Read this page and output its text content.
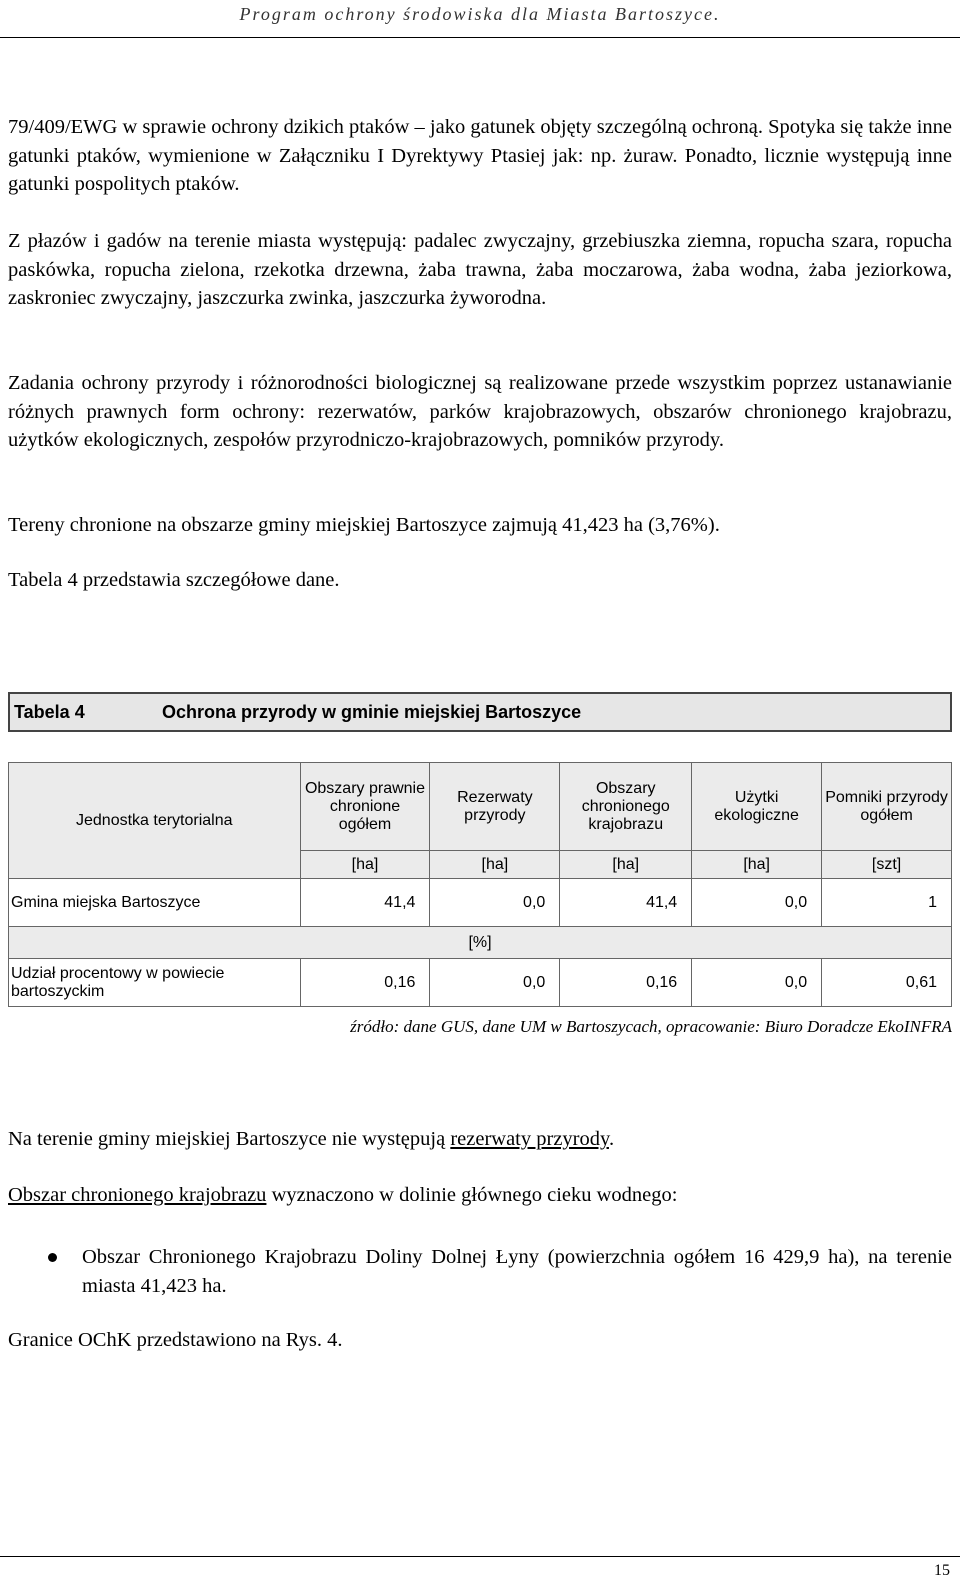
Program ochrony środowiska dla Miasta Bartoszyce.

79/409/EWG w sprawie ochrony dzikich ptaków – jako gatunek objęty szczególną ochroną. Spotyka się także inne gatunki ptaków, wymienione w Załączniku I Dyrektywy Ptasiej jak: np. żuraw. Ponadto, licznie występują inne gatunki pospolitych ptaków.

Z płazów i gadów na terenie miasta występują: padalec zwyczajny, grzebiuszka ziemna, ropucha szara, ropucha paskówka, ropucha zielona, rzekotka drzewna, żaba trawna, żaba moczarowa, żaba wodna, żaba jeziorkowa, zaskroniec zwyczajny, jaszczurka zwinka, jaszczurka żyworodna.

Zadania ochrony przyrody i różnorodności biologicznej są realizowane przede wszystkim poprzez ustanawianie różnych prawnych form ochrony: rezerwatów, parków krajobrazowych, obszarów chronionego krajobrazu, użytków ekologicznych, zespołów przyrodniczo-krajobrazowych, pomników przyrody.

Tereny chronione na obszarze gminy miejskiej Bartoszyce zajmują 41,423 ha (3,76%).

Tabela 4 przedstawia szczegółowe dane.

Tabela 4	Ochrona przyrody w gminie miejskiej Bartoszyce
Jednostka terytorialna	Obszary prawnie chronione ogółem	Rezerwaty przyrody	Obszary chronionego krajobrazu	Użytki ekologiczne	Pomniki przyrody ogółem
	[ha]	[ha]	[ha]	[ha]	[szt]
Gmina miejska Bartoszyce	41,4	0,0	41,4	0,0	1
[%]					
Udział procentowy w powiecie bartoszyckim	0,16	0,0	0,16	0,0	0,61
źródło: dane GUS, dane UM w Bartoszycach, opracowanie: Biuro Doradcze EkoINFRA

Na terenie gminy miejskiej Bartoszyce nie występują rezerwaty przyrody.

Obszar chronionego krajobrazu wyznaczono w dolinie głównego cieku wodnego:

Obszar Chronionego Krajobrazu Doliny Dolnej Łyny (powierzchnia ogółem 16 429,9 ha), na terenie miasta 41,423 ha.

Granice OChK przedstawiono na Rys. 4.

15
